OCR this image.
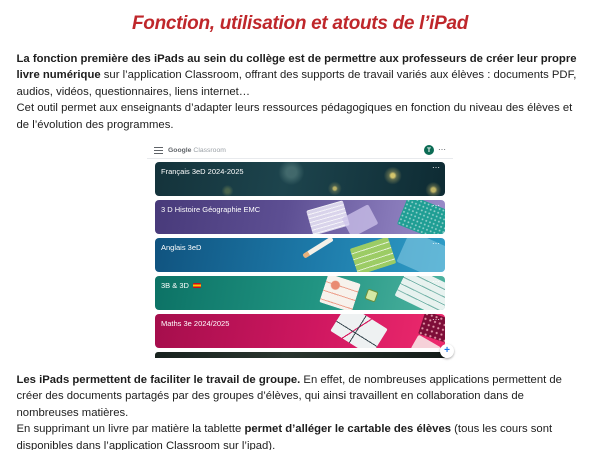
Fonction, utilisation et atouts de l’iPad
La fonction première des iPads au sein du collège est de permettre aux professeurs de créer leur propre livre numérique sur l’application Classroom, offrant des supports de travail variés aux élèves : documents PDF, audios, vidéos, questionnaires, liens internet…
Cet outil permet aux enseignants d’adapter leurs ressources pédagogiques en fonction du niveau des élèves et de l’évolution des programmes.
Google Classroom	T ⋯
Français 3eD 2024-2025	⋯
3 D Histoire Géographie EMC	⋯
Anglais 3eD	⋯
3B & 3D	⋯
Maths 3e 2024/2025	⋯
+
Les iPads permettent de faciliter le travail de groupe. En effet, de nombreuses applications permettent de créer des documents partagés par des groupes d’élèves, qui ainsi travaillent en collaboration dans de nombreuses matières.
En supprimant un livre par matière la tablette permet d’alléger le cartable des élèves (tous les cours sont disponibles dans l’application Classroom sur l’ipad).
